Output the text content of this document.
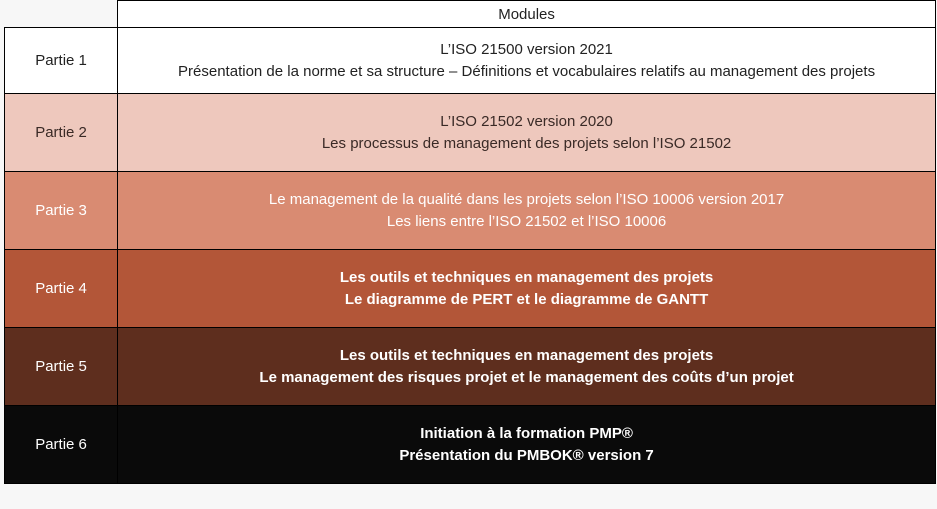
	Modules
Partie 1	L’ISO 21500 version 2021
Présentation de la norme et sa structure – Définitions et vocabulaires relatifs au management des projets

Partie 2	L’ISO 21502 version 2020
Les processus de management des projets selon l’ISO 21502

Partie 3	Le management de la qualité dans les projets selon l’ISO 10006 version 2017
Les liens entre l’ISO 21502 et l’ISO 10006

Partie 4	Les outils et techniques en management des projets
Le diagramme de PERT et le diagramme de GANTT

Partie 5	Les outils et techniques en management des projets
Le management des risques projet et le management des coûts d’un projet

Partie 6	Initiation à la formation PMP®
Présentation du PMBOK® version 7
